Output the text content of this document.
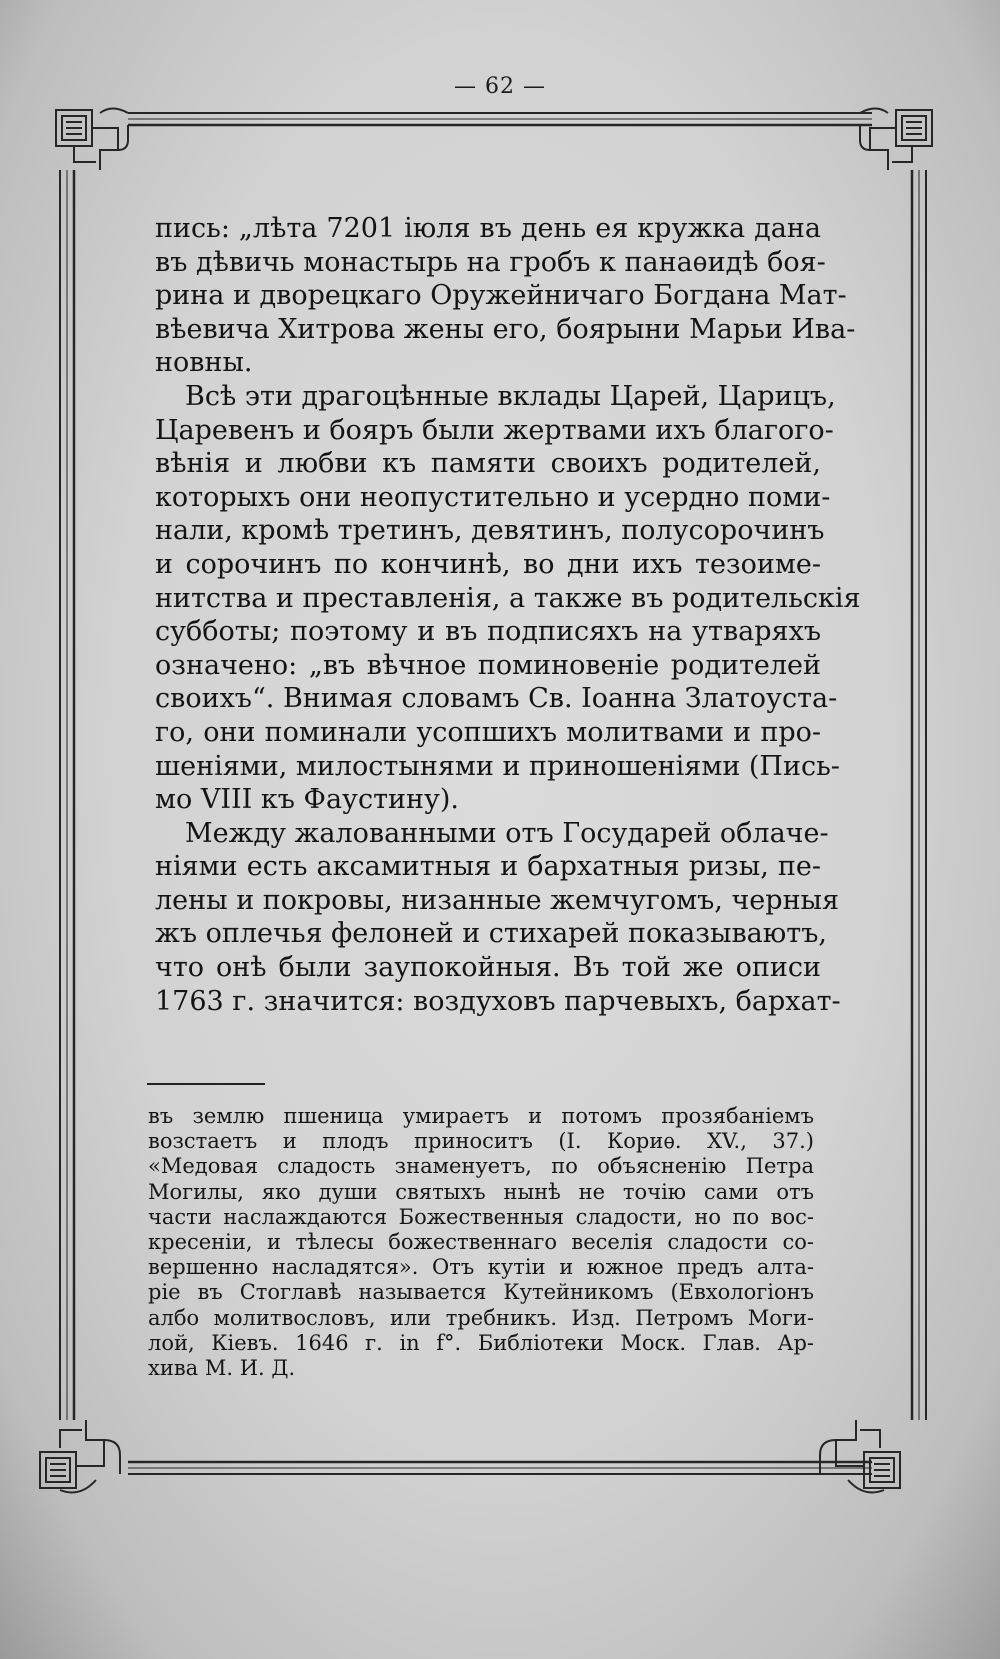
— 62 —
пись: „лѣта 7201 іюля въ день ея кружка дана
въ дѣвичь монастырь на гробъ к панаѳидѣ боя-
рина и дворецкаго Оружейничаго Богдана Мат-
вѣевича Хитрова жены его, боярыни Марьи Ива-
новны.
Всѣ эти драгоцѣнные вклады Царей, Царицъ,
Царевенъ и бояръ были жертвами ихъ благого-
вѣнія и любви къ памяти своихъ родителей,
которыхъ они неопустительно и усердно поми-
нали, кромѣ третинъ, девятинъ, полусорочинъ
и сорочинъ по кончинѣ, во дни ихъ тезоиме-
нитства и преставленія, а также въ родительскія
субботы; поэтому и въ подписяхъ на утваряхъ
означено: „въ вѣчное поминовеніе родителей
своихъ“. Внимая словамъ Св. Іоанна Златоуста-
го, они поминали усопшихъ молитвами и про-
шеніями, милостынями и приношеніями (Пись-
мо VIII къ Фаустину).
Между жалованными отъ Государей облаче-
ніями есть аксамитныя и бархатныя ризы, пе-
лены и покровы, низанные жемчугомъ, черныя
жъ оплечья фелоней и стихарей показываютъ,
что онѣ были заупокойныя. Въ той же описи
1763 г. значится: воздуховъ парчевыхъ, бархат-
въ землю пшеница умираетъ и потомъ прозябаніемъ
возстаетъ и плодъ приноситъ (I. Кориѳ. XV., 37.)
«Медовая сладость знаменуетъ, по объясненію Петра
Могилы, яко души святыхъ нынѣ не точію сами отъ
части наслаждаются Божественныя сладости, но по вос-
кресеніи, и тѣлесы божественнаго веселія сладости со-
вершенно насладятся». Отъ кутіи и южное предъ алта-
ріе въ Стоглавѣ называется Кутейникомъ (Евхологіонъ
албо молитвословъ, или требникъ. Изд. Петромъ Моги-
лой, Кіевъ. 1646 г. in f°. Библіотеки Моск. Глав. Ар-
хива М. И. Д.
